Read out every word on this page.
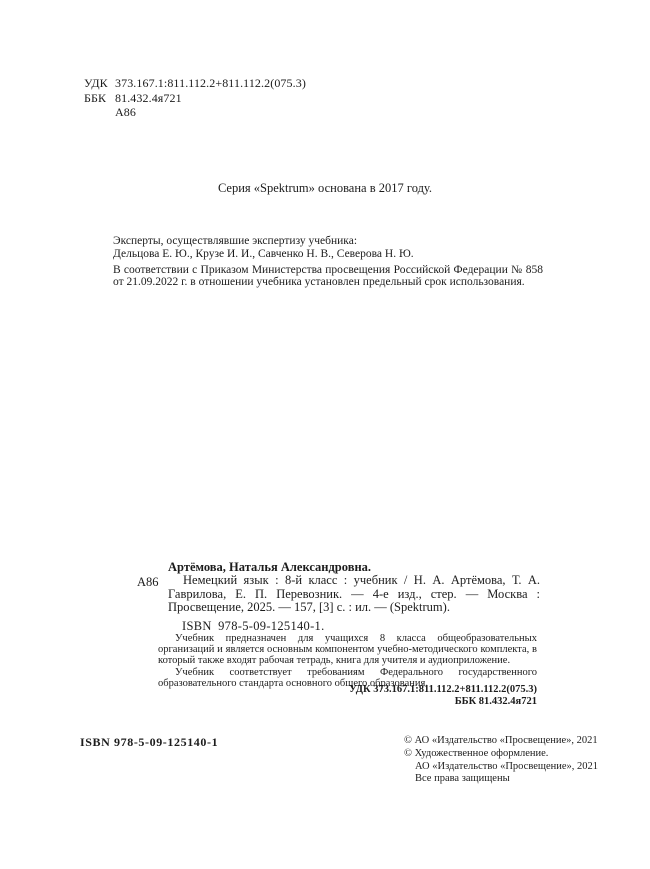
УДК 373.167.1:811.112.2+811.112.2(075.3)
ББК 81.432.4я721
А86
Серия «Spektrum» основана в 2017 году.
Эксперты, осуществлявшие экспертизу учебника:
Дельцова Е. Ю., Крузе И. И., Савченко Н. В., Северова Н. Ю.
В соответствии с Приказом Министерства просвещения Российской Федерации № 858 от 21.09.2022 г. в отношении учебника установлен предельный срок использования.
Артёмова, Наталья Александровна.
А86	Немецкий язык : 8-й класс : учебник / Н. А. Артёмова, Т. А. Гаврилова, Е. П. Перевозник. — 4-е изд., стер. — Москва : Просвещение, 2025. — 157, [3] с. : ил. — (Spektrum).
ISBN 978-5-09-125140-1.

Учебник предназначен для учащихся 8 класса общеобразовательных организаций и является основным компонентом учебно-методического комплекта, в который также входят рабочая тетрадь, книга для учителя и аудиоприложение.

Учебник соответствует требованиям Федерального государственного образовательного стандарта основного общего образования.

УДК 373.167.1:811.112.2+811.112.2(075.3)
ББК 81.432.4я721
ISBN 978-5-09-125140-1	© АО «Издательство «Просвещение», 2021
© Художественное оформление.
АО «Издательство «Просвещение», 2021
Все права защищены
